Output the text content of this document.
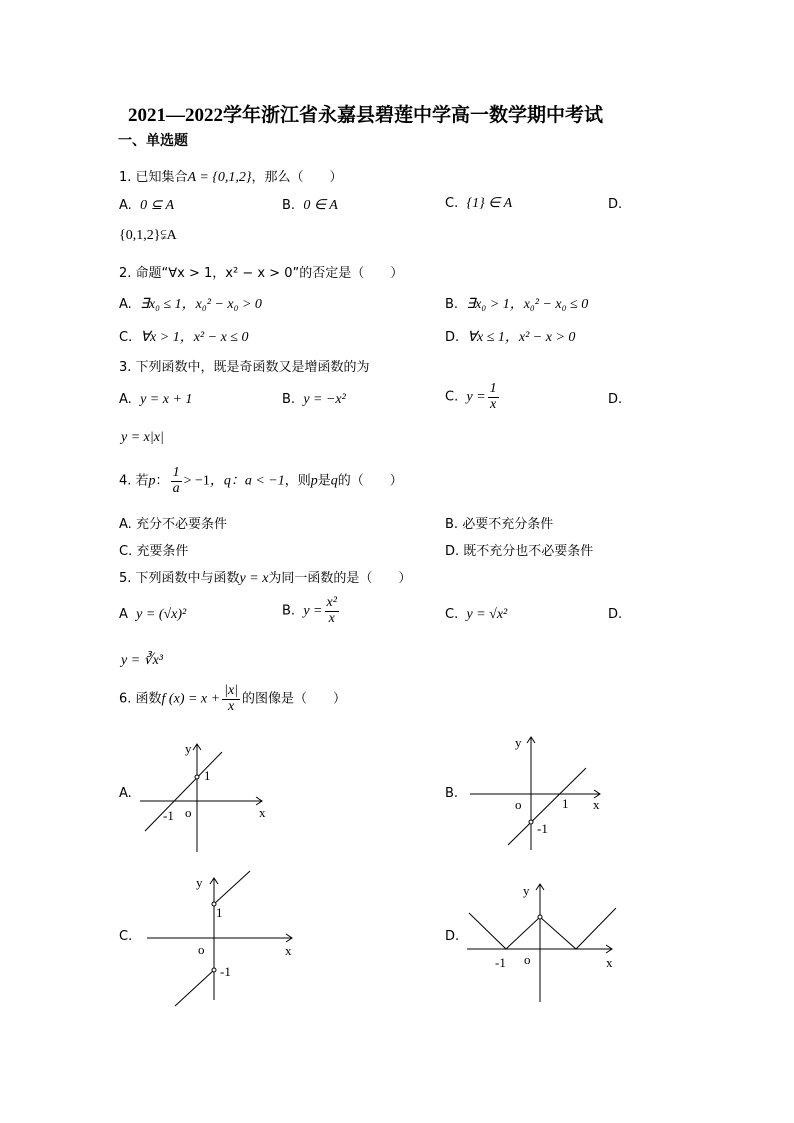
2021—2022学年浙江省永嘉县碧莲中学高一数学期中考试
一、单选题
1. 已知集合A = {0,1,2}，那么（　　）
A. 0 ⊆ A	B. 0 ∈ A	C. {1} ∈ A	D.
{0,1,2}⫋A
2. 命题“∀x > 1，x² − x > 0”的否定是（　　）
A. ∃x₀ ≤ 1，x₀² − x₀ > 0	B. ∃x₀ > 1，x₀² − x₀ ≤ 0
C. ∀x > 1，x² − x ≤ 0	D. ∀x ≤ 1，x² − x > 0
3. 下列函数中，既是奇函数又是增函数的为
A. y = x + 1	B. y = −x²	C. $y = \frac{1}{x}$	D.
y = x|x|
4. 若p： $\frac{1}{a} > -1$，q：a < −1，则p是q的（　　）
A. 充分不必要条件	B. 必要不充分条件
C. 充要条件	D. 既不充分也不必要条件
5. 下列函数中与函数y = x为同一函数的是（　　）
A y = (√x)²	B. $y = \frac{\text{x²}}{x}$	C. y = √x²	D.
y = ∛x³
6. 函数f $(x) = x + \frac{|x|}{x}$ 的图像是（　　）
A.
y
x
o
1
-1
B.
y
x
o	1
-1
C.
y
x
o
1
-1
D.
y
x
o
-1
